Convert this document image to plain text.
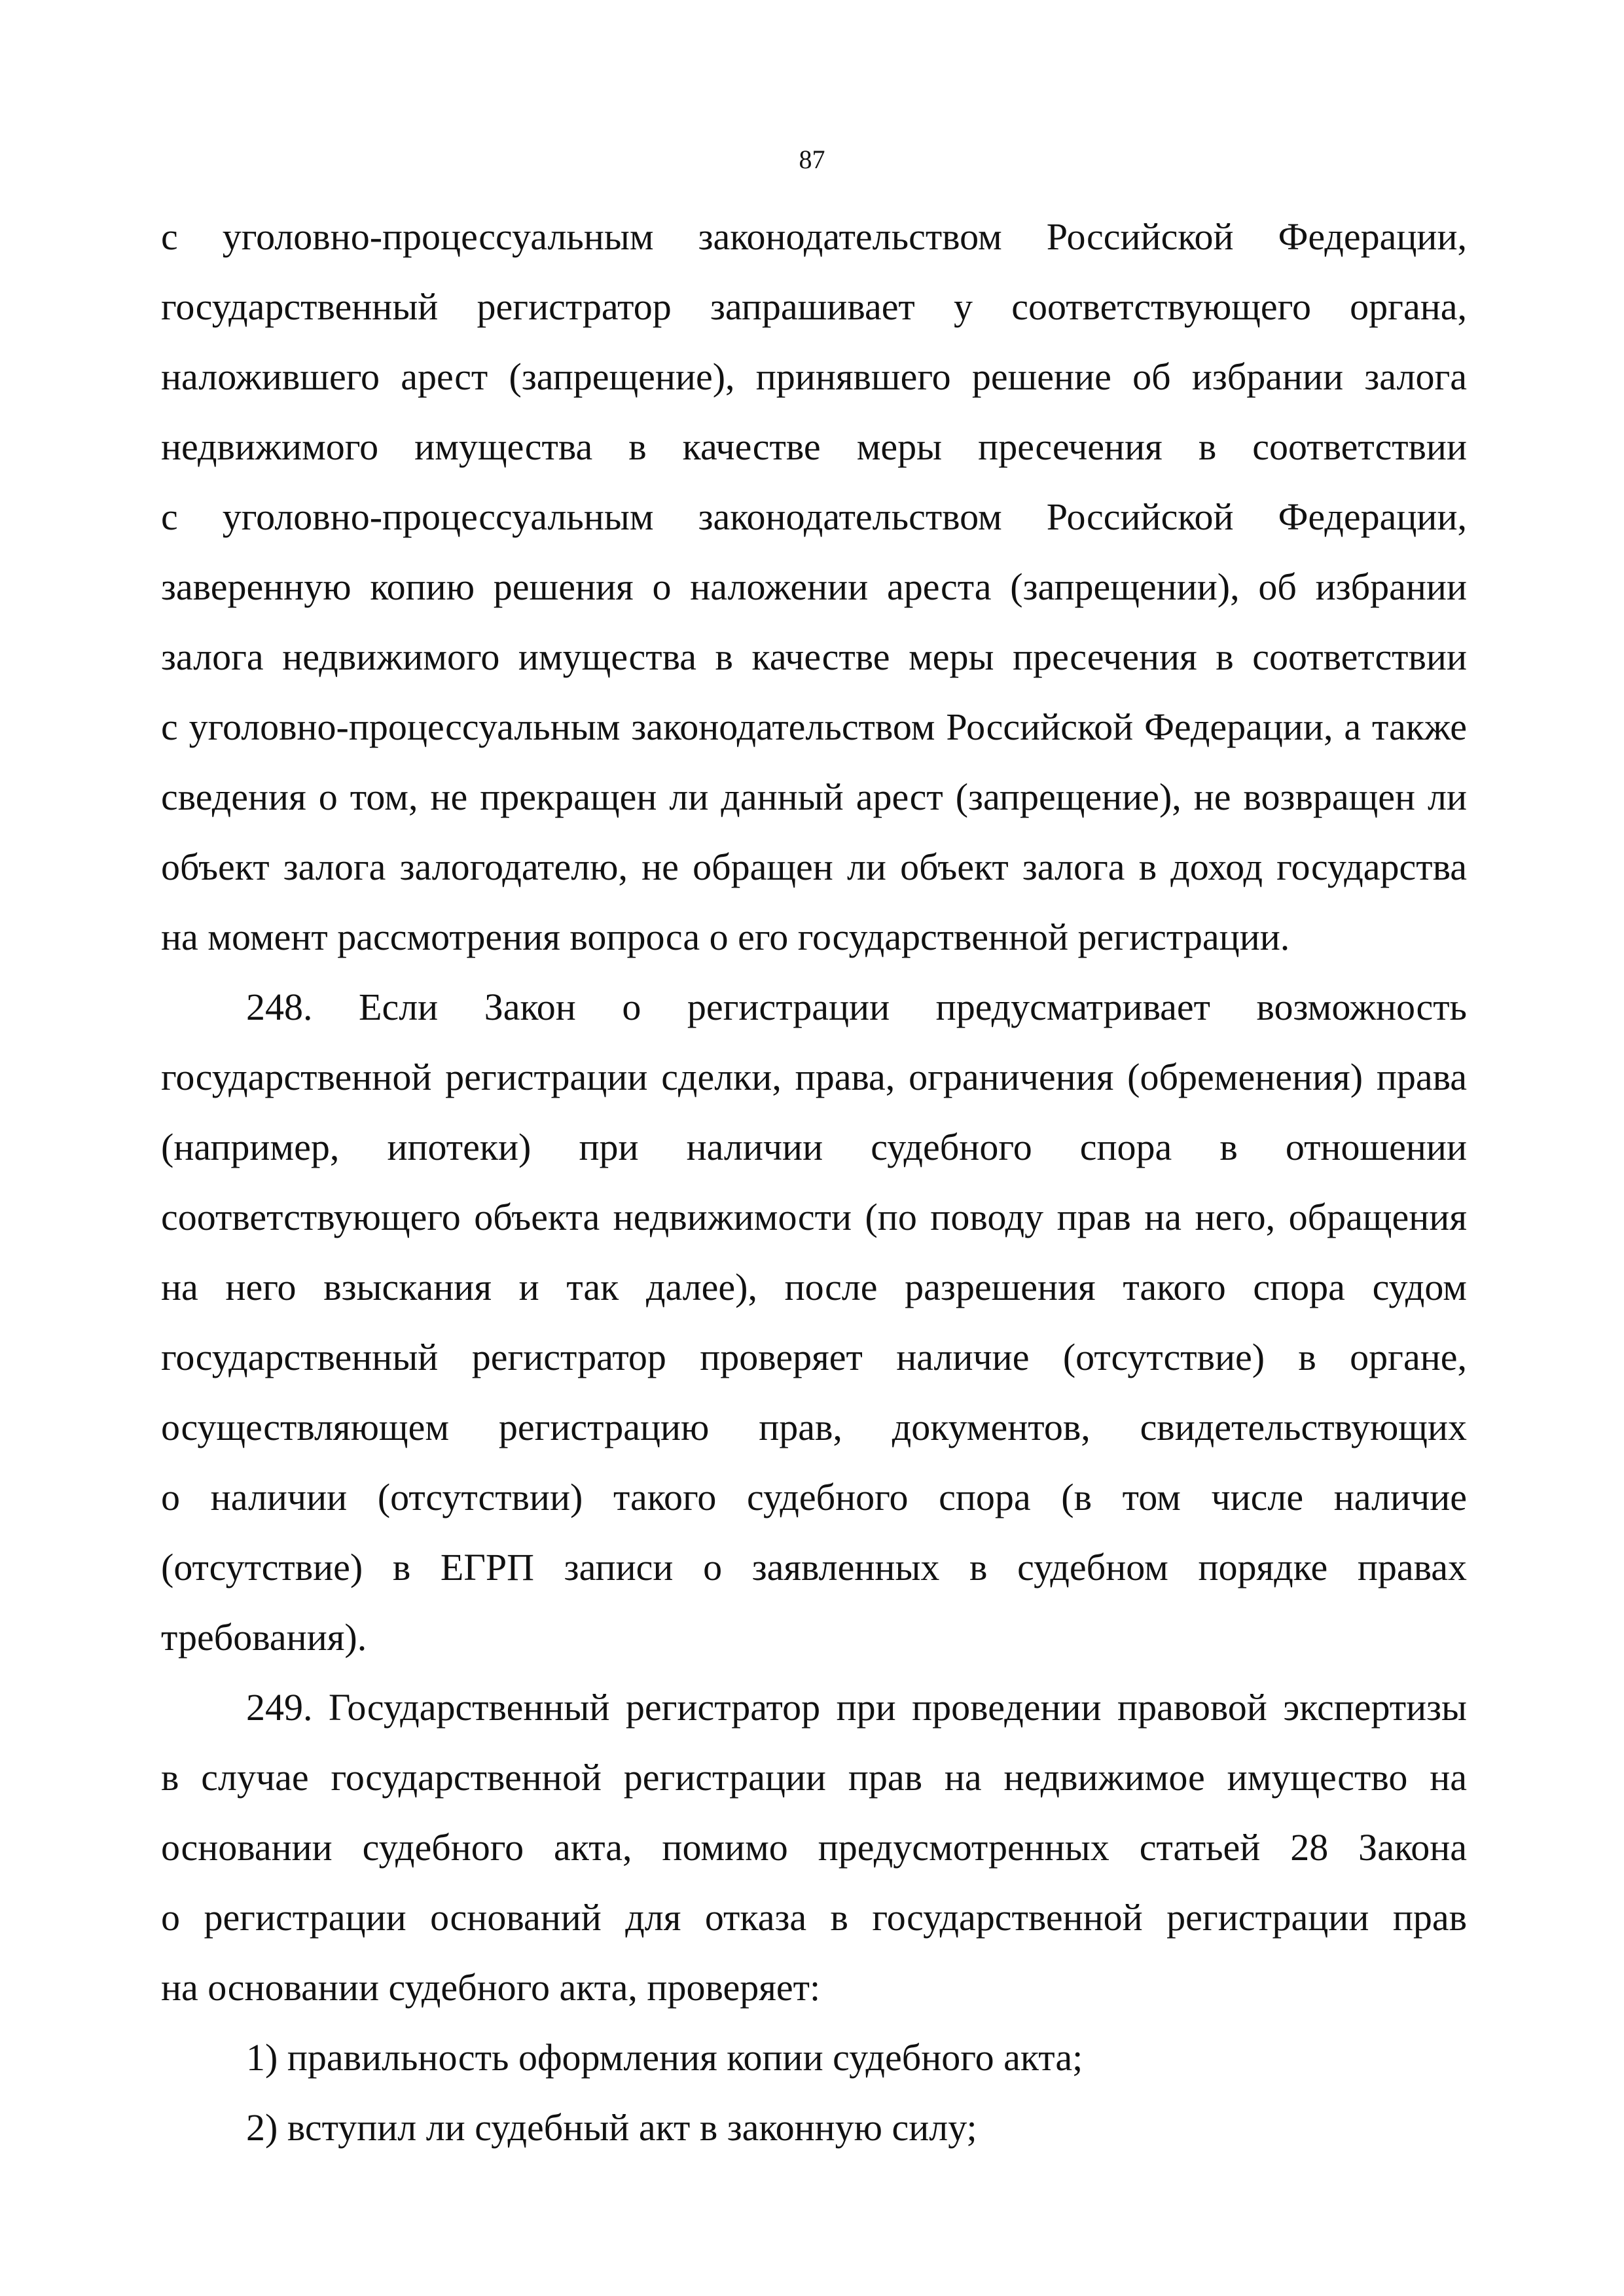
87
с уголовно-процессуальным законодательством Российской Федерации,
государственный регистратор запрашивает у соответствующего органа,
наложившего арест (запрещение), принявшего решение об избрании залога
недвижимого имущества в качестве меры пресечения в соответствии
с уголовно-процессуальным законодательством Российской Федерации,
заверенную копию решения о наложении ареста (запрещении), об избрании
залога недвижимого имущества в качестве меры пресечения в соответствии
с уголовно-процессуальным законодательством Российской Федерации, а также
сведения о том, не прекращен ли данный арест (запрещение), не возвращен ли
объект залога залогодателю, не обращен ли объект залога в доход государства
на момент рассмотрения вопроса о его государственной регистрации.
248. Если Закон о регистрации предусматривает возможность
государственной регистрации сделки, права, ограничения (обременения) права
(например, ипотеки) при наличии судебного спора в отношении
соответствующего объекта недвижимости (по поводу прав на него, обращения
на него взыскания и так далее), после разрешения такого спора судом
государственный регистратор проверяет наличие (отсутствие) в органе,
осуществляющем регистрацию прав, документов, свидетельствующих
о наличии (отсутствии) такого судебного спора (в том числе наличие
(отсутствие) в ЕГРП записи о заявленных в судебном порядке правах
требования).
249. Государственный регистратор при проведении правовой экспертизы
в случае государственной регистрации прав на недвижимое имущество на
основании судебного акта, помимо предусмотренных статьей 28 Закона
о регистрации оснований для отказа в государственной регистрации прав
на основании судебного акта, проверяет:
1) правильность оформления копии судебного акта;
2) вступил ли судебный акт в законную силу;
